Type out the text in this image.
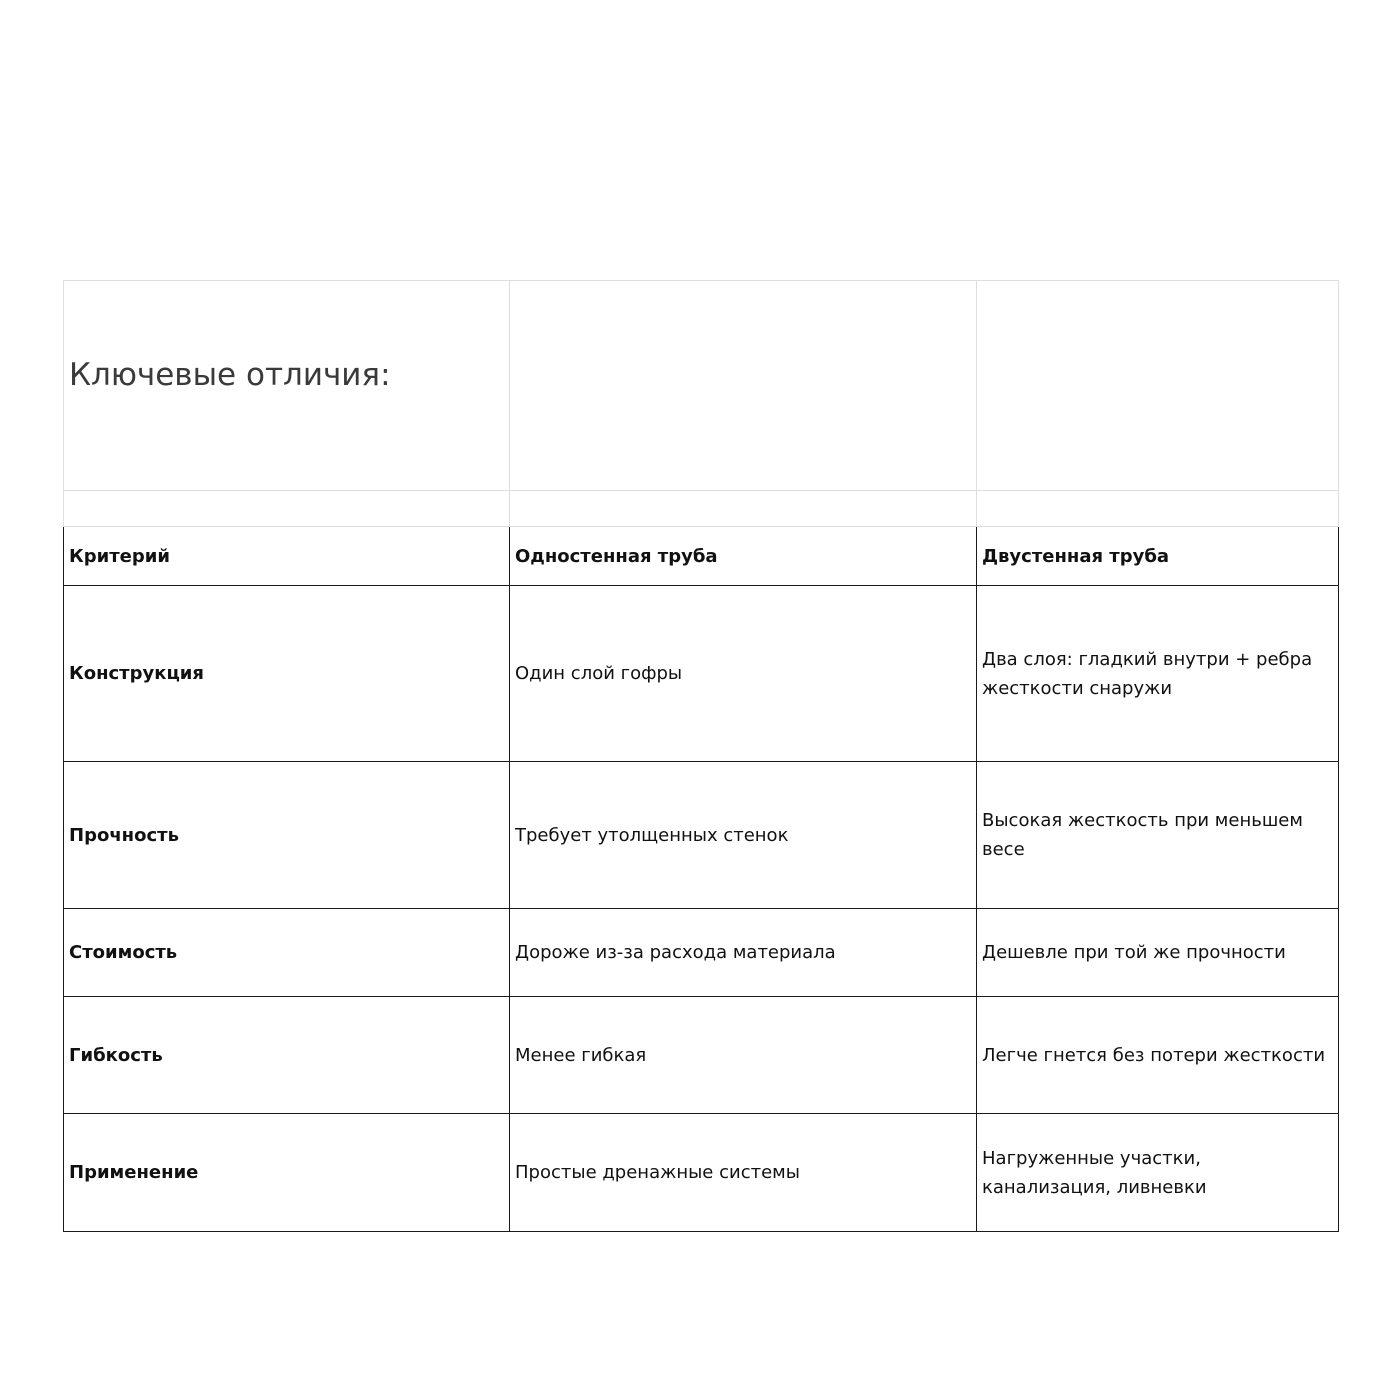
Ключевые отличия:		

Критерий	Одностенная труба	Двустенная труба
Конструкция	Один слой гофры	Два слоя: гладкий внутри + ребра жесткости снаружи
Прочность	Требует утолщенных стенок	Высокая жесткость при меньшем весе
Стоимость	Дороже из-за расхода материала	Дешевле при той же прочности
Гибкость	Менее гибкая	Легче гнется без потери жесткости
Применение	Простые дренажные системы	Нагруженные участки, канализация, ливневки
